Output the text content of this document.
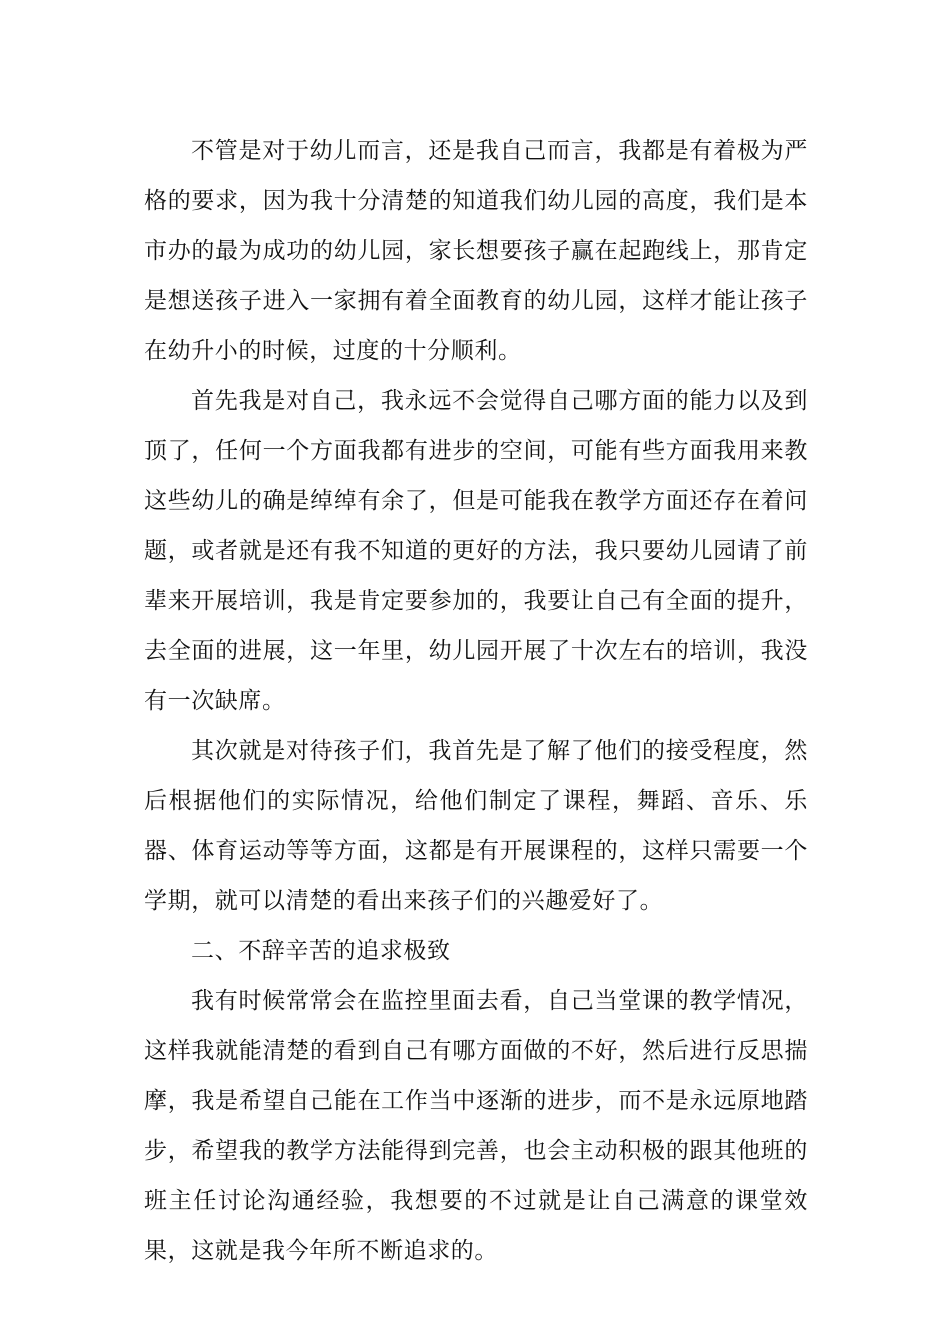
不管是对于幼儿而言，还是我自己而言，我都是有着极为严格的要求，因为我十分清楚的知道我们幼儿园的高度，我们是本市办的最为成功的幼儿园，家长想要孩子赢在起跑线上，那肯定是想送孩子进入一家拥有着全面教育的幼儿园，这样才能让孩子在幼升小的时候，过度的十分顺利。

首先我是对自己，我永远不会觉得自己哪方面的能力以及到顶了，任何一个方面我都有进步的空间，可能有些方面我用来教这些幼儿的确是绰绰有余了，但是可能我在教学方面还存在着问题，或者就是还有我不知道的更好的方法，我只要幼儿园请了前辈来开展培训，我是肯定要参加的，我要让自己有全面的提升，去全面的进展，这一年里，幼儿园开展了十次左右的培训，我没有一次缺席。

其次就是对待孩子们，我首先是了解了他们的接受程度，然后根据他们的实际情况，给他们制定了课程，舞蹈、音乐、乐器、体育运动等等方面，这都是有开展课程的，这样只需要一个学期，就可以清楚的看出来孩子们的兴趣爱好了。

二、不辞辛苦的追求极致

我有时候常常会在监控里面去看，自己当堂课的教学情况，这样我就能清楚的看到自己有哪方面做的不好，然后进行反思揣摩，我是希望自己能在工作当中逐渐的进步，而不是永远原地踏步，希望我的教学方法能得到完善，也会主动积极的跟其他班的班主任讨论沟通经验，我想要的不过就是让自己满意的课堂效果，这就是我今年所不断追求的。
